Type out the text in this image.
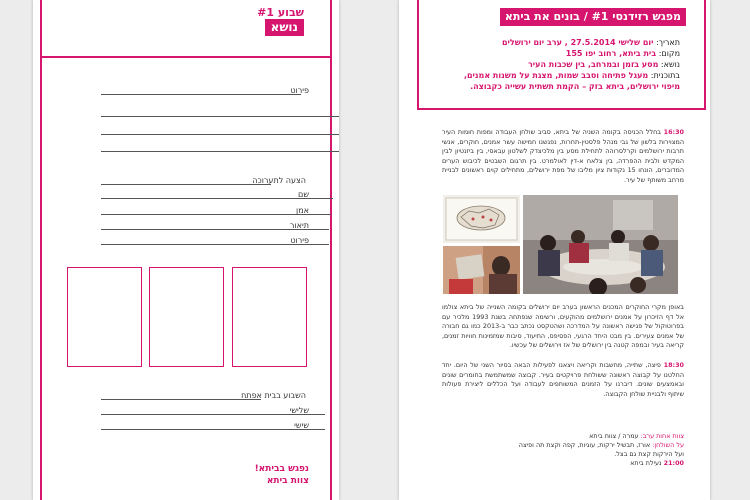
שבוע #1
נושא
פירוט
הצעה לתערוכה
שם
אמן
תיאור
פירוט
השבוע בבית אפתח
שלישי
שישי
נפגש בביתא!
צוות ביתא
מפגש רזידנסי #1 / בונים את ביתא
תאריך: יום שלישי 27.5.2014 , ערב יום ירושלים
מקום: בית ביתא, רחוב יפו 155
נושא: מסע בזמן ובמרחב, בין שכבות העיר
בתוכנית: מעגל פתיחה וסבב שמות, מצגת על משנות אמנים,
מיפוי ירושלים, ביתא בזק – הקמת תשתית עשייה כקבוצה.
16:30 בחלל הכניסה בקומה השניה של ביתא, סביב שולחן העבודה ומפות חומות העיר המצוירות בלשון של גבי מנהל פלסטין-תחרות, נפגשנו חמישה עשר אמנים, חוקרים, אנשי תרבות ירושלמים וקרלסרוהה לתחילת מסע בין מלכיצדק לשלטון עבאסי, בין ביזנטיון לבין המקדש ולבית ההפרדה, בין צלאח א-דין לאולמרט. בין תרגום השבטים לכיבוש הערים המדוברים, הונחו 15 נקודות ציון מליבו של מפת ירושלים, מתחילים קוים ראשונים לבניית מרחב משותף של עיר.
באופן מקרי החוקרים המכנים הראשון בערב יום ירושלים בקומה השנייה של ביתא צולמו אל דף הזיכרון על אמנים ירושלמים מהוקעים, ורשימה שנפתחה בשנת 1993 מלכיר עם בפרוטוקול של פגישה ראשונה על המדרכה ושהטקסט נכתב כבר ב-2013 כמו גם חבורה של אמנים צעירים. בין מבט היחד הרגעי, הפסיפס, התיעוד, סיבות שמזמינות חוויות זמנים, קריאה בעיר ובמפה קטנה בין ירושלים של אז וירושלים של עכשיו.
18:30 פיצה, שתייה, מחשבות וקריאה ויצאנו לפעילות הבאה בסיור השני של היום. יחד החלטנו על קבוצה ראשונה ששולחת פרויקטים בעיר. קבוצה שמשתמשת בחומרים שונים ובאמצעים שונים. דיברנו על הזמנים המשותפים לעבודה ועל הכללים ליצירת פעולות שיתוף ולבניית שולחן הקבוצה.
צוות אחות ערב: עמרה / צוות ביתא
על השולחן: אורז, תבשיל ירקות, עוגיות, קפה וקצת תה ופיצה
ועל הירקות קצת גם בצל.
21:00 נעילת ביתא
